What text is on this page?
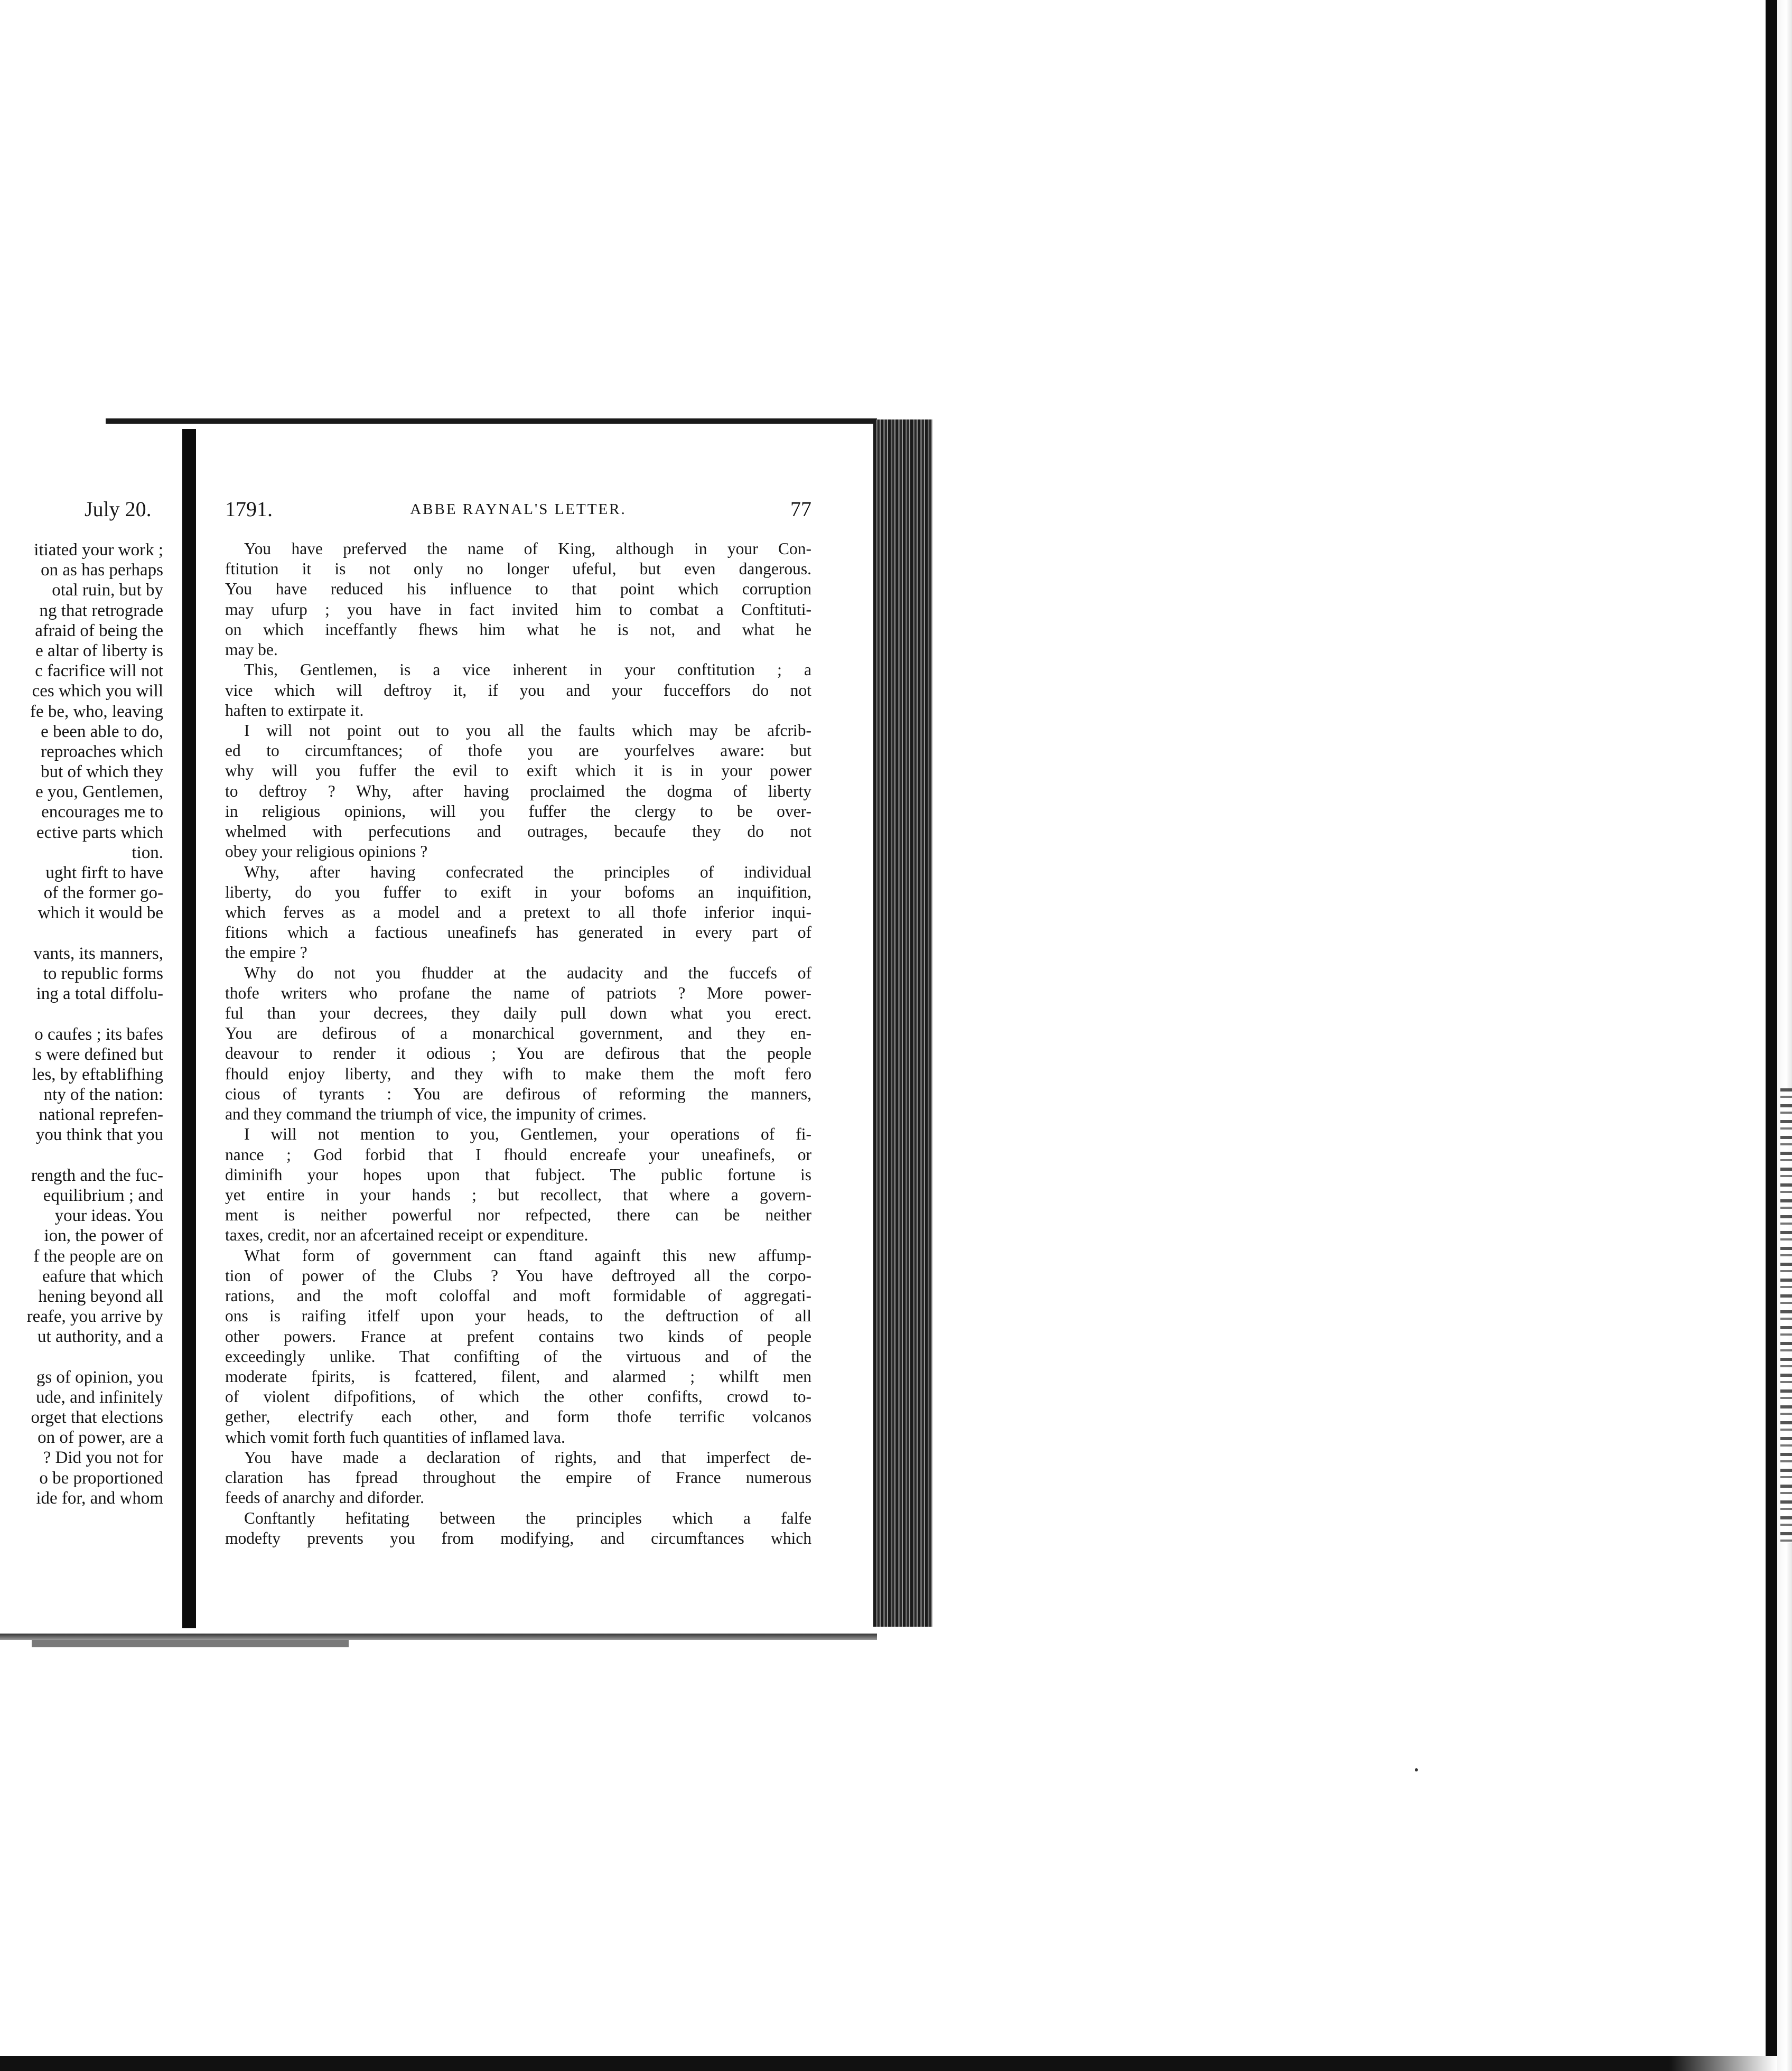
July 20.
itiated your work ;
on as has perhaps
otal ruin, but by
ng that retrograde
afraid of being the
e altar of liberty is
c facrifice will not
ces which you will
fe be, who, leaving
e been able to do,
reproaches which
but of which they
e you, Gentlemen,
encourages me to
ective parts which
tion.
ught firft to have
of the former go-
which it would be
vants, its manners,
to republic forms
ing a total diffolu-
o caufes ; its bafes
s were defined but
les, by eftablifhing
nty of the nation:
national reprefen-
you think that you
rength and the fuc-
equilibrium ; and
your ideas. You
ion, the power of
f the people are on
eafure that which
hening beyond all
reafe, you arrive by
ut authority, and a
gs of opinion, you
ude, and infinitely
orget that elections
on of power, are a
? Did you not for
o be proportioned
ide for, and whom
1791.	ABBE RAYNAL'S LETTER.	77
You have preferved the name of King, although in your Con-
ftitution it is not only no longer ufeful, but even dangerous.
You have reduced his influence to that point which corruption
may ufurp ; you have in fact invited him to combat a Conftituti-
on which inceffantly fhews him what he is not, and what he
may be.
This, Gentlemen, is a vice inherent in your conftitution ; a
vice which will deftroy it, if you and your fucceffors do not
haften to extirpate it.
I will not point out to you all the faults which may be afcrib-
ed to circumftances; of thofe you are yourfelves aware: but
why will you fuffer the evil to exift which it is in your power
to deftroy ? Why, after having proclaimed the dogma of liberty
in religious opinions, will you fuffer the clergy to be over-
whelmed with perfecutions and outrages, becaufe they do not
obey your religious opinions ?
Why, after having confecrated the principles of individual
liberty, do you fuffer to exift in your bofoms an inquifition,
which ferves as a model and a pretext to all thofe inferior inqui-
fitions which a factious uneafinefs has generated in every part of
the empire ?
Why do not you fhudder at the audacity and the fuccefs of
thofe writers who profane the name of patriots ? More power-
ful than your decrees, they daily pull down what you erect.
You are defirous of a monarchical government, and they en-
deavour to render it odious ; You are defirous that the people
fhould enjoy liberty, and they wifh to make them the moft fero
cious of tyrants : You are defirous of reforming the manners,
and they command the triumph of vice, the impunity of crimes.
I will not mention to you, Gentlemen, your operations of fi-
nance ; God forbid that I fhould encreafe your uneafinefs, or
diminifh your hopes upon that fubject. The public fortune is
yet entire in your hands ; but recollect, that where a govern-
ment is neither powerful nor refpected, there can be neither
taxes, credit, nor an afcertained receipt or expenditure.
What form of government can ftand againft this new affump-
tion of power of the Clubs ? You have deftroyed all the corpo-
rations, and the moft coloffal and moft formidable of aggregati-
ons is raifing itfelf upon your heads, to the deftruction of all
other powers. France at prefent contains two kinds of people
exceedingly unlike. That confifting of the virtuous and of the
moderate fpirits, is fcattered, filent, and alarmed ; whilft men
of violent difpofitions, of which the other confifts, crowd to-
gether, electrify each other, and form thofe terrific volcanos
which vomit forth fuch quantities of inflamed lava.
You have made a declaration of rights, and that imperfect de-
claration has fpread throughout the empire of France numerous
feeds of anarchy and diforder.
Conftantly hefitating between the principles which a falfe
modefty prevents you from modifying, and circumftances which
